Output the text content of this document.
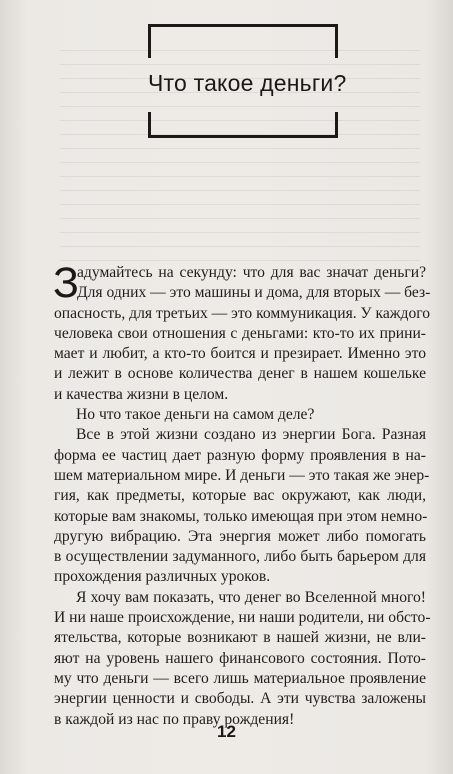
Что такое деньги?
З
адумайтесь на секунду: что для вас значат деньги?
Для одних — это машины и дома, для вторых — без-
опасность, для третьих — это коммуникация. У каждого
человека свои отношения с деньгами: кто-то их прини-
мает и любит, а кто-то боится и презирает. Именно это
и лежит в основе количества денег в нашем кошельке
и качества жизни в целом.
Но что такое деньги на самом деле?
Все в этой жизни создано из энергии Бога. Разная
форма ее частиц дает разную форму проявления в на-
шем материальном мире. И деньги — это такая же энер-
гия, как предметы, которые вас окружают, как люди,
которые вам знакомы, только имеющая при этом немно-
другую вибрацию. Эта энергия может либо помогать
в осуществлении задуманного, либо быть барьером для
прохождения различных уроков.
Я хочу вам показать, что денег во Вселенной много!
И ни наше происхождение, ни наши родители, ни обсто-
ятельства, которые возникают в нашей жизни, не вли-
яют на уровень нашего финансового состояния. Пото-
му что деньги — всего лишь материальное проявление
энергии ценности и свободы. А эти чувства заложены
в каждой из нас по праву рождения!
12
